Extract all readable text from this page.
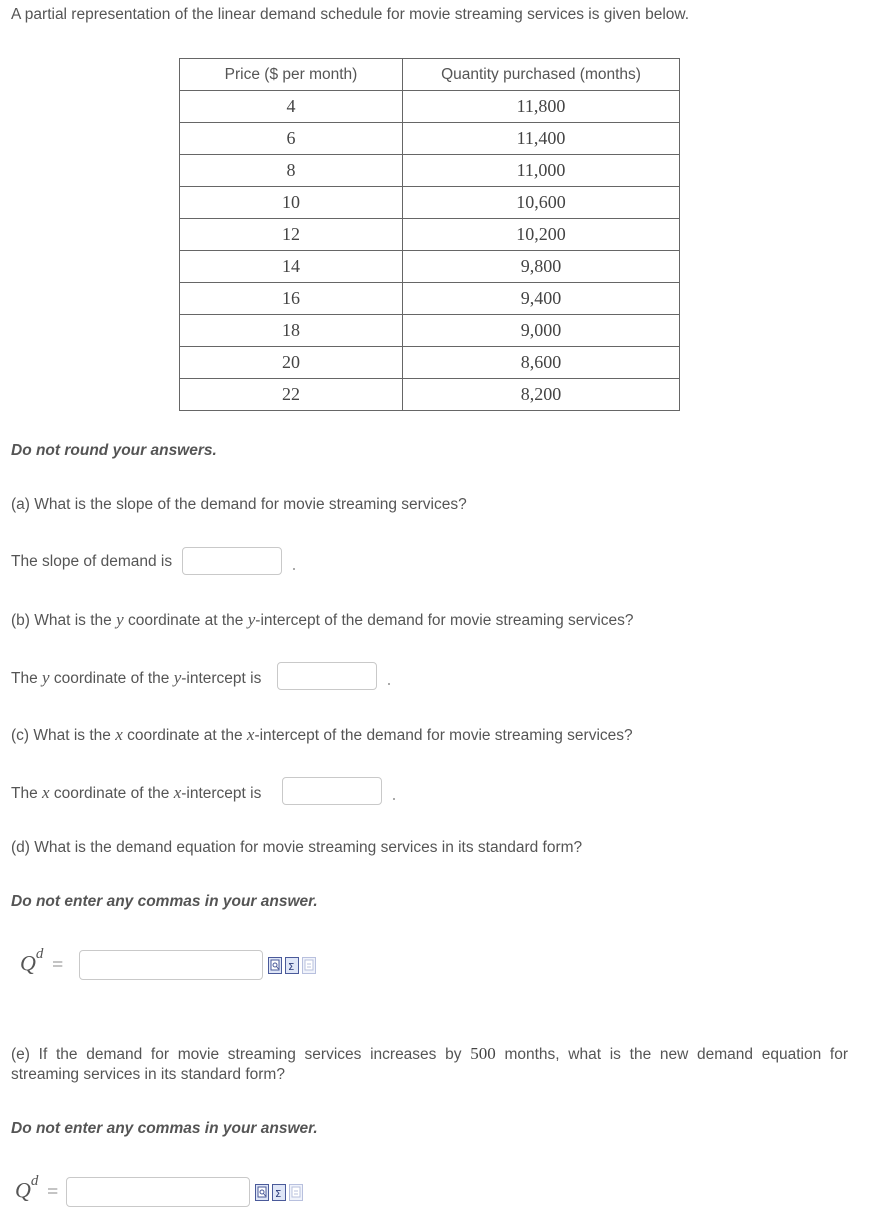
A partial representation of the linear demand schedule for movie streaming services is given below.
Price ($ per month)	Quantity purchased (months)
4	11,800
6	11,400
8	11,000
10	10,600
12	10,200
14	9,800
16	9,400
18	9,000
20	8,600
22	8,200
Do not round your answers.
(a) What is the slope of the demand for movie streaming services?
The slope of demand is
(b) What is the y coordinate at the y-intercept of the demand for movie streaming services?
The y coordinate of the y-intercept is
(c) What is the x coordinate at the x-intercept of the demand for movie streaming services?
The x coordinate of the x-intercept is
(d) What is the demand equation for movie streaming services in its standard form?
Do not enter any commas in your answer.
$Q^d$ =	Σ
(e) If the demand for movie streaming services increases by 500 months, what is the new demand equation for
streaming services in its standard form?
Do not enter any commas in your answer.
$Q^d$ =	Σ
